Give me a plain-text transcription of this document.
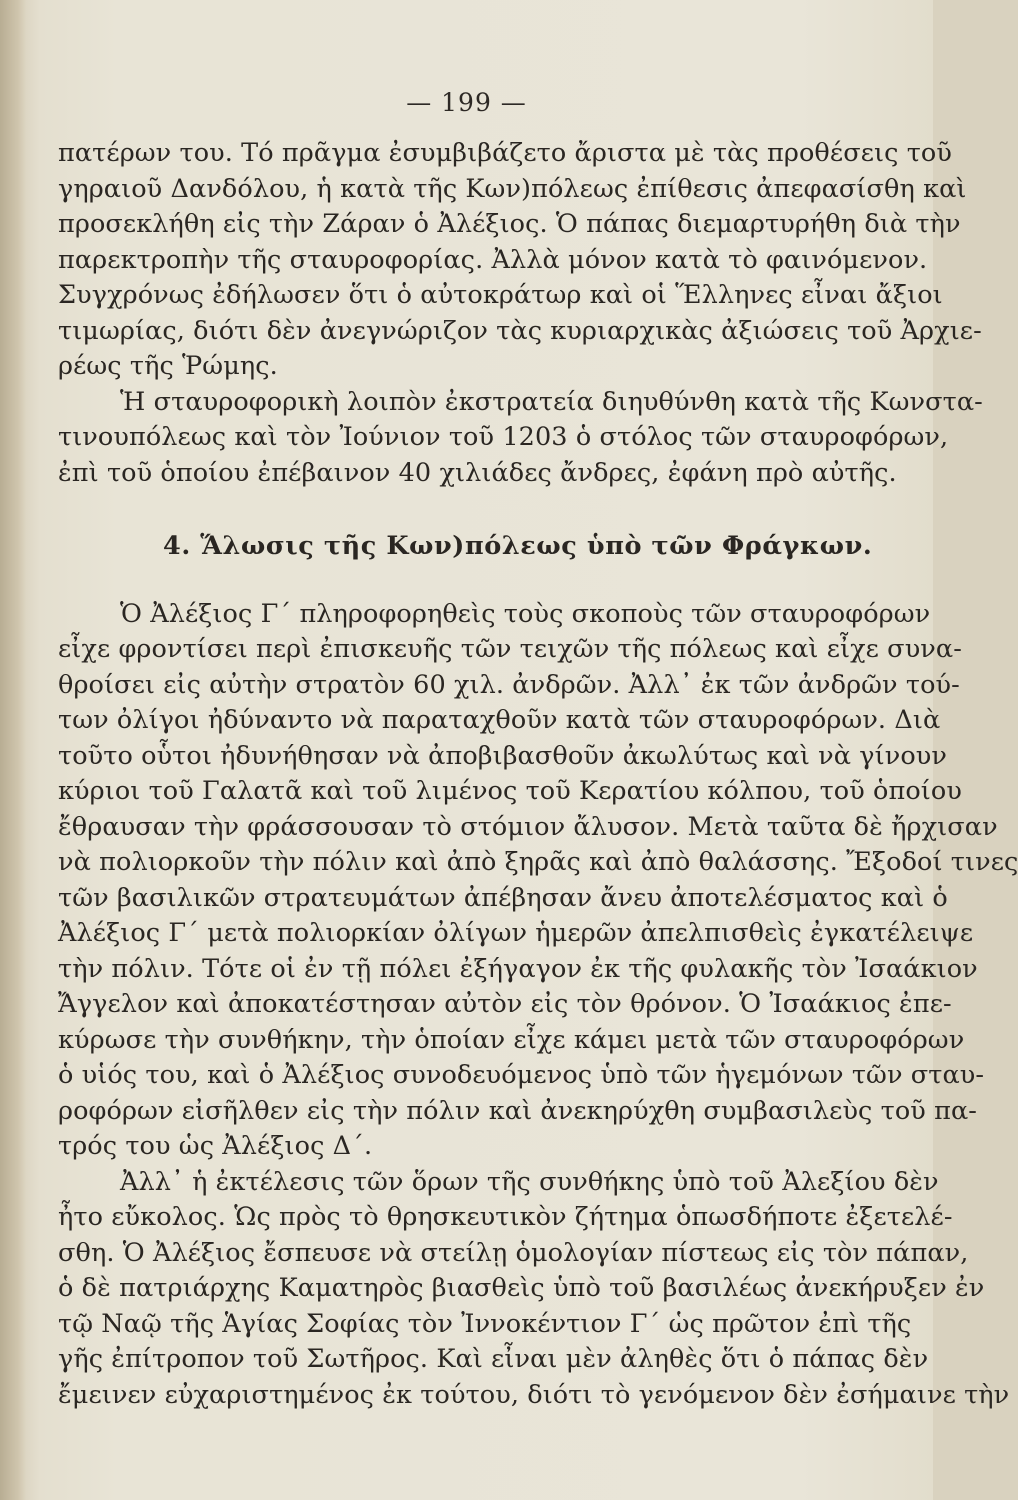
— 199 —
πατέρων του. Τό πρᾶγμα ἐσυμβιβάζετο ἄριστα μὲ τὰς προθέσεις τοῦ
γηραιοῦ Δανδόλου, ἡ κατὰ τῆς Κων)πόλεως ἐπίθεσις ἀπεφασίσθη καὶ
προσεκλήθη εἰς τὴν Ζάραν ὁ Ἀλέξιος. Ὁ πάπας διεμαρτυρήθη διὰ τὴν
παρεκτροπὴν τῆς σταυροφορίας. Ἀλλὰ μόνον κατὰ τὸ φαινόμενον.
Συγχρόνως ἐδήλωσεν ὅτι ὁ αὐτοκράτωρ καὶ οἱ Ἕλληνες εἶναι ἄξιοι
τιμωρίας, διότι δὲν ἀνεγνώριζον τὰς κυριαρχικὰς ἀξιώσεις τοῦ Ἀρχιε-
ρέως τῆς Ῥώμης.
Ἡ σταυροφορικὴ λοιπὸν ἐκστρατεία διηυθύνθη κατὰ τῆς Κωνστα-
τινουπόλεως καὶ τὸν Ἰούνιον τοῦ 1203 ὁ στόλος τῶν σταυροφόρων,
ἐπὶ τοῦ ὁποίου ἐπέβαινον 40 χιλιάδες ἄνδρες, ἐφάνη πρὸ αὐτῆς.
4. Ἅλωσις τῆς Κων)πόλεως ὑπὸ τῶν Φράγκων.
Ὁ Ἀλέξιος Γ΄ πληροφορηθεὶς τοὺς σκοποὺς τῶν σταυροφόρων
εἶχε φροντίσει περὶ ἐπισκευῆς τῶν τειχῶν τῆς πόλεως καὶ εἶχε συνα-
θροίσει εἰς αὐτὴν στρατὸν 60 χιλ. ἀνδρῶν. Ἀλλ᾽ ἐκ τῶν ἀνδρῶν τού-
των ὀλίγοι ἠδύναντο νὰ παραταχθοῦν κατὰ τῶν σταυροφόρων. Διὰ
τοῦτο οὗτοι ἠδυνήθησαν νὰ ἀποβιβασθοῦν ἀκωλύτως καὶ νὰ γίνουν
κύριοι τοῦ Γαλατᾶ καὶ τοῦ λιμένος τοῦ Κερατίου κόλπου, τοῦ ὁποίου
ἔθραυσαν τὴν φράσσουσαν τὸ στόμιον ἄλυσον. Μετὰ ταῦτα δὲ ἤρχισαν
νὰ πολιορκοῦν τὴν πόλιν καὶ ἀπὸ ξηρᾶς καὶ ἀπὸ θαλάσσης. Ἔξοδοί τινες
τῶν βασιλικῶν στρατευμάτων ἀπέβησαν ἄνευ ἀποτελέσματος καὶ ὁ
Ἀλέξιος Γ΄ μετὰ πολιορκίαν ὀλίγων ἡμερῶν ἀπελπισθεὶς ἐγκατέλειψε
τὴν πόλιν. Τότε οἱ ἐν τῇ πόλει ἐξήγαγον ἐκ τῆς φυλακῆς τὸν Ἰσαάκιον
Ἄγγελον καὶ ἀποκατέστησαν αὐτὸν εἰς τὸν θρόνον. Ὁ Ἰσαάκιος ἐπε-
κύρωσε τὴν συνθήκην, τὴν ὁποίαν εἶχε κάμει μετὰ τῶν σταυροφόρων
ὁ υἱός του, καὶ ὁ Ἀλέξιος συνοδευόμενος ὑπὸ τῶν ἡγεμόνων τῶν σταυ-
ροφόρων εἰσῆλθεν εἰς τὴν πόλιν καὶ ἀνεκηρύχθη συμβασιλεὺς τοῦ πα-
τρός του ὡς Ἀλέξιος Δ΄.
Ἀλλ᾽ ἡ ἐκτέλεσις τῶν ὅρων τῆς συνθήκης ὑπὸ τοῦ Ἀλεξίου δὲν
ἦτο εὔκολος. Ὡς πρὸς τὸ θρησκευτικὸν ζήτημα ὁπωσδήποτε ἐξετελέ-
σθη. Ὁ Ἀλέξιος ἔσπευσε νὰ στείλῃ ὁμολογίαν πίστεως εἰς τὸν πάπαν,
ὁ δὲ πατριάρχης Καματηρὸς βιασθεὶς ὑπὸ τοῦ βασιλέως ἀνεκήρυξεν ἐν
τῷ Ναῷ τῆς Ἁγίας Σοφίας τὸν Ἰννοκέντιον Γ΄ ὡς πρῶτον ἐπὶ τῆς
γῆς ἐπίτροπον τοῦ Σωτῆρος. Καὶ εἶναι μὲν ἀληθὲς ὅτι ὁ πάπας δὲν
ἔμεινεν εὐχαριστημένος ἐκ τούτου, διότι τὸ γενόμενον δὲν ἐσήμαινε τὴν
